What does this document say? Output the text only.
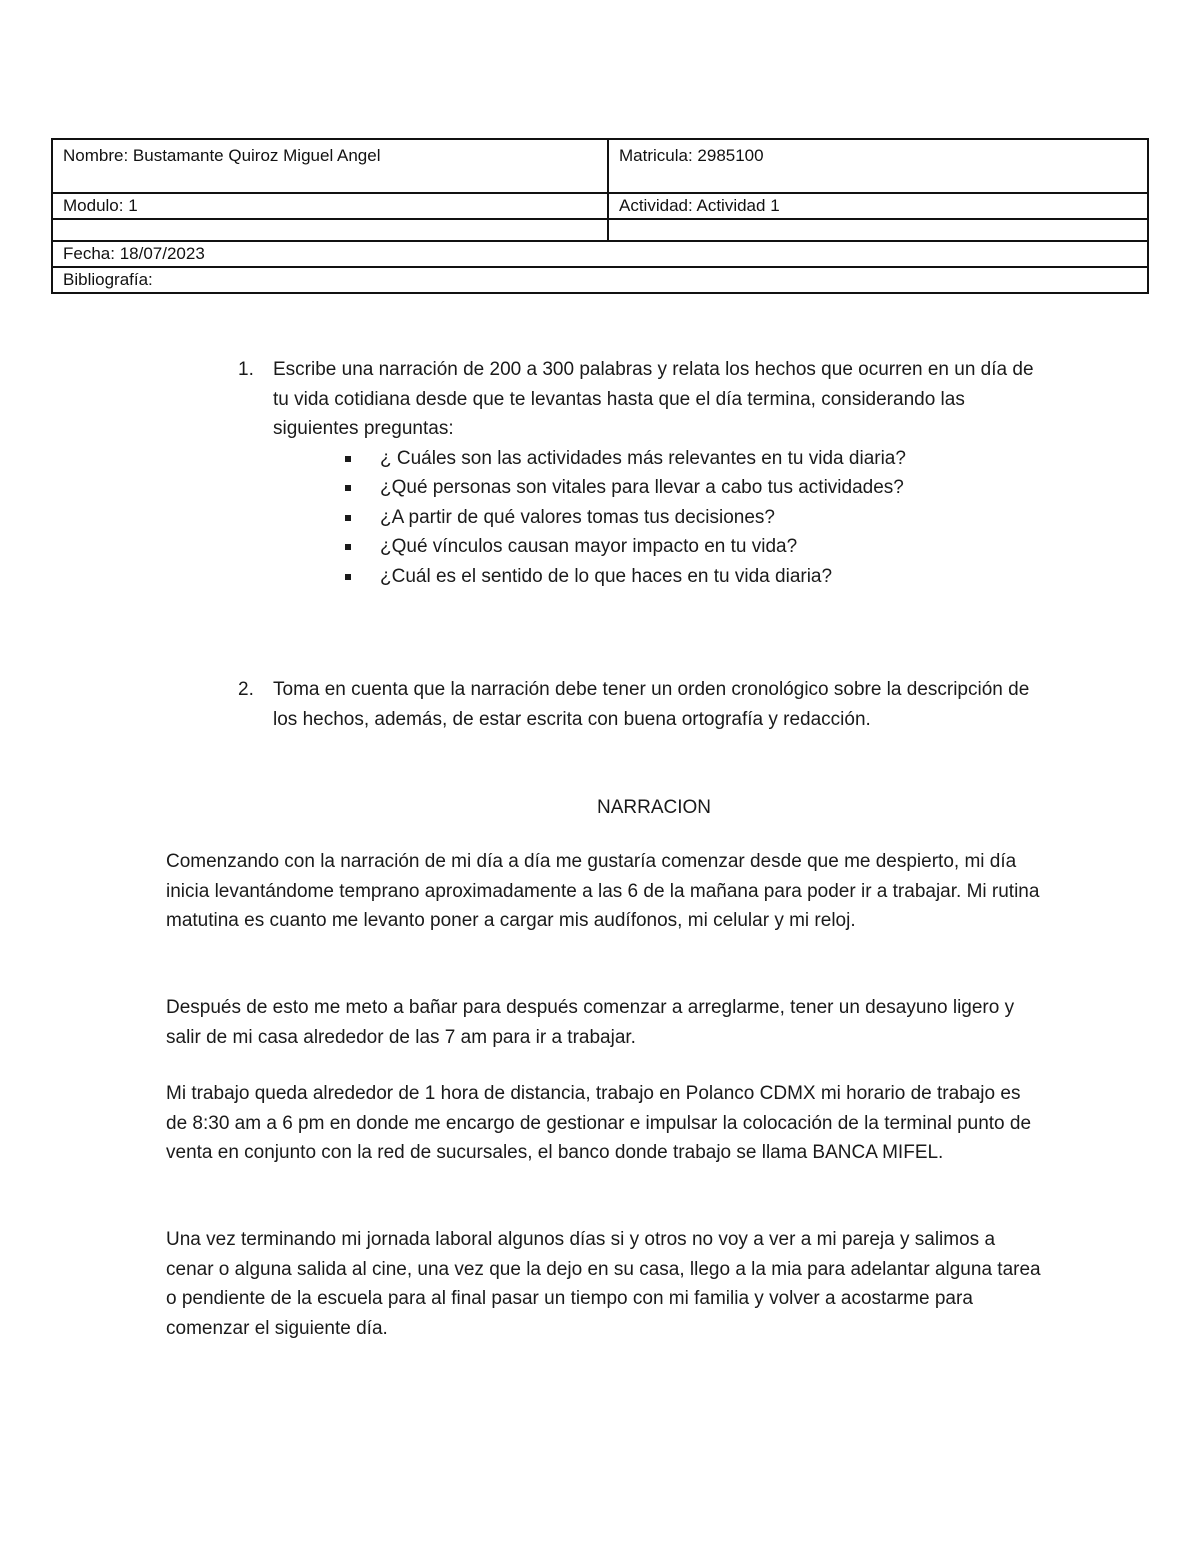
Nombre: Bustamante Quiroz Miguel Angel	Matricula: 2985100
Modulo: 1	Actividad: Actividad 1

Fecha: 18/07/2023	
Bibliografía:	
1. Escribe una narración de 200 a 300 palabras y relata los hechos que ocurren en un día de tu vida cotidiana desde que te levantas hasta que el día termina, considerando las siguientes preguntas:
¿ Cuáles son las actividades más relevantes en tu vida diaria?
¿Qué personas son vitales para llevar a cabo tus actividades?
¿A partir de qué valores tomas tus decisiones?
¿Qué vínculos causan mayor impacto en tu vida?
¿Cuál es el sentido de lo que haces en tu vida diaria?
2. Toma en cuenta que la narración debe tener un orden cronológico sobre la descripción de los hechos, además, de estar escrita con buena ortografía y redacción.
NARRACION

Comenzando con la narración de mi día a día me gustaría comenzar desde que me despierto, mi día inicia levantándome temprano aproximadamente a las 6 de la mañana para poder ir a trabajar. Mi rutina matutina es cuanto me levanto poner a cargar mis audífonos, mi celular y mi reloj.

Después de esto me meto a bañar para después comenzar a arreglarme, tener un desayuno ligero y salir de mi casa alrededor de las 7 am para ir a trabajar.

Mi trabajo queda alrededor de 1 hora de distancia, trabajo en Polanco CDMX mi horario de trabajo es de 8:30 am a 6 pm en donde me encargo de gestionar e impulsar la colocación de la terminal punto de venta en conjunto con la red de sucursales, el banco donde trabajo se llama BANCA MIFEL.

Una vez terminando mi jornada laboral algunos días si y otros no voy a ver a mi pareja y salimos a cenar o alguna salida al cine, una vez que la dejo en su casa, llego a la mia para adelantar alguna tarea o pendiente de la escuela para al final pasar un tiempo con mi familia y volver a acostarme para comenzar el siguiente día.
